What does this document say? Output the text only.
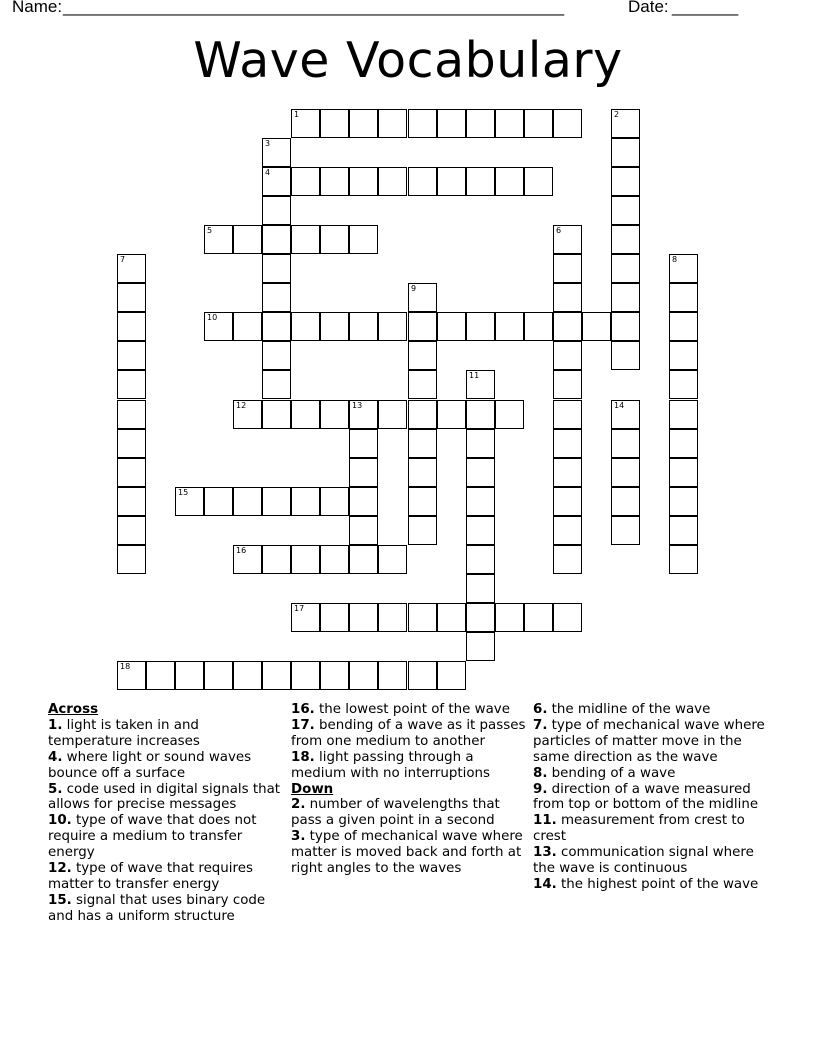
Name: _____________________________________________________	Date: _______
Wave Vocabulary
1	2
3
4
5	6
7	8
9
10
11
12	13	14
15
16
17
18
Across
1. light is taken in and temperature increases
4. where light or sound waves bounce off a surface
5. code used in digital signals that allows for precise messages
10. type of wave that does not require a medium to transfer energy
12. type of wave that requires matter to transfer energy
15. signal that uses binary code and has a uniform structure
16. the lowest point of the wave
17. bending of a wave as it passes from one medium to another
18. light passing through a medium with no interruptions
Down
2. number of wavelengths that pass a given point in a second
3. type of mechanical wave where matter is moved back and forth at right angles to the waves
6. the midline of the wave
7. type of mechanical wave where particles of matter move in the same direction as the wave
8. bending of a wave
9. direction of a wave measured from top or bottom of the midline
11. measurement from crest to crest
13. communication signal where the wave is continuous
14. the highest point of the wave
